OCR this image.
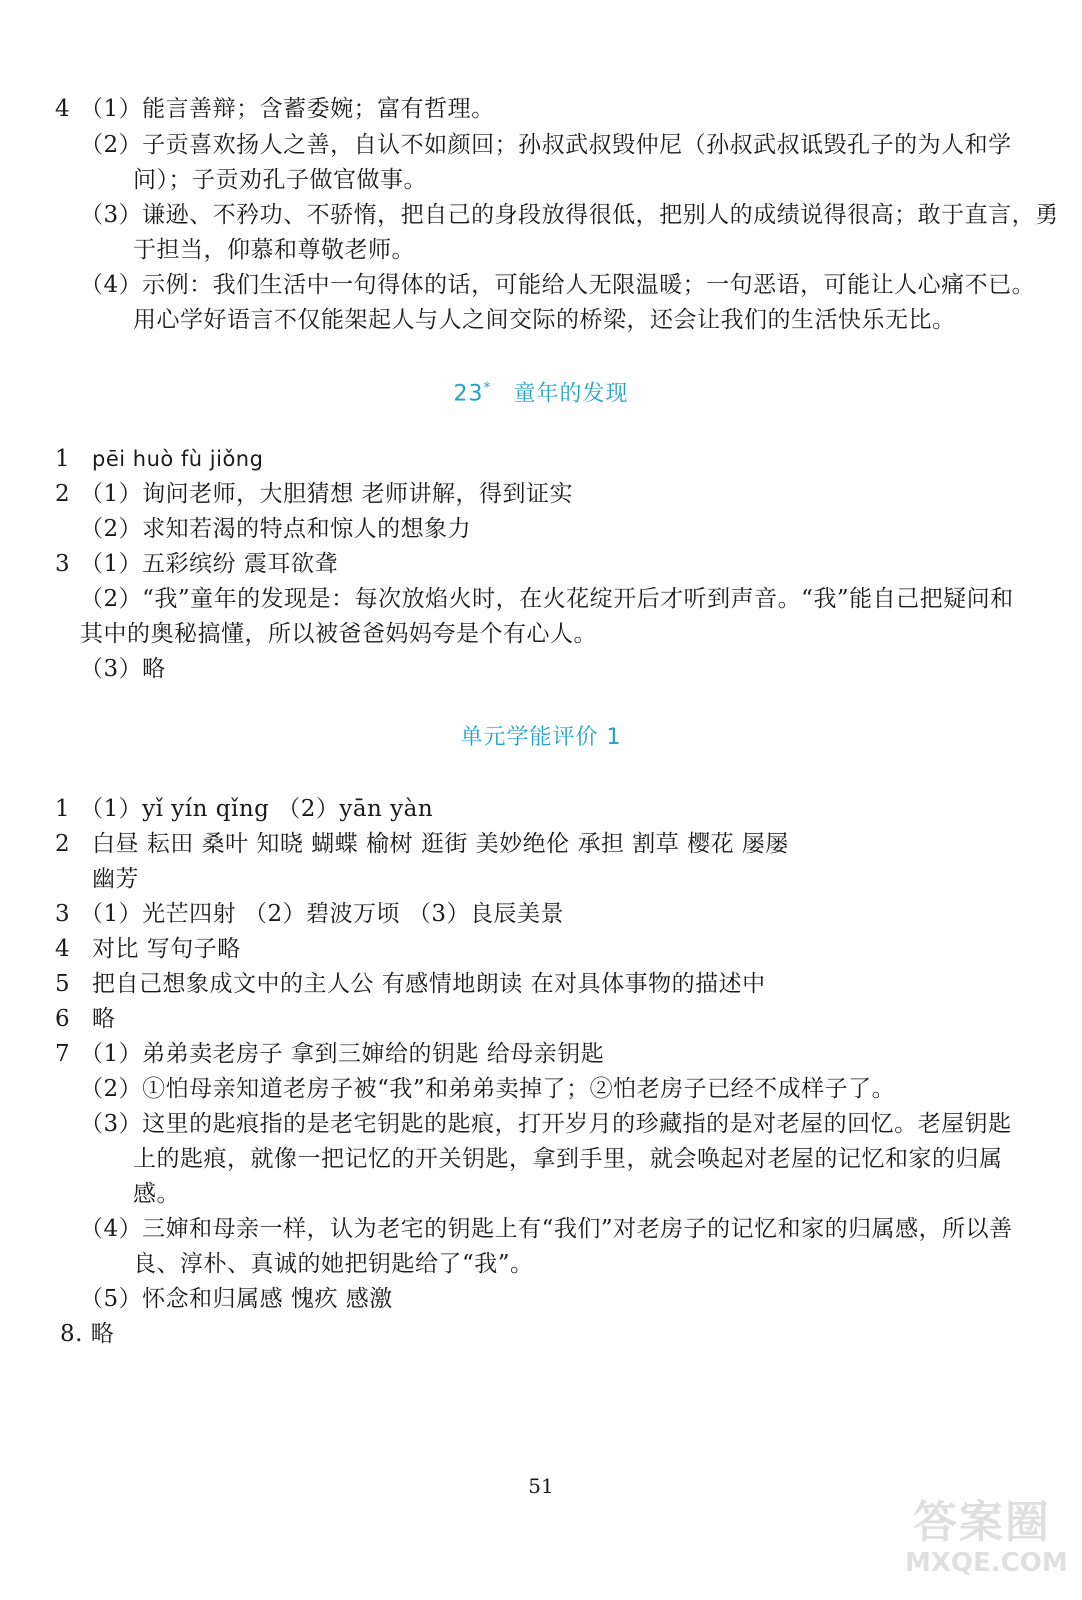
4 （1）能言善辩；含蓄委婉；富有哲理。
（2）子贡喜欢扬人之善，自认不如颜回；孙叔武叔毁仲尼（孙叔武叔诋毁孔子的为人和学
问）；子贡劝孔子做官做事。
（3）谦逊、不矜功、不骄惰，把自己的身段放得很低，把别人的成绩说得很高；敢于直言，勇
于担当，仰慕和尊敬老师。
（4）示例：我们生活中一句得体的话，可能给人无限温暖；一句恶语，可能让人心痛不已。
用心学好语言不仅能架起人与人之间交际的桥梁，还会让我们的生活快乐无比。
23* 童年的发现
1 pēi huò fù jiǒng
2 （1）询问老师，大胆猜想 老师讲解，得到证实
（2）求知若渴的特点和惊人的想象力
3 （1）五彩缤纷 震耳欲聋
（2）“我”童年的发现是：每次放焰火时，在火花绽开后才听到声音。“我”能自己把疑问和
其中的奥秘搞懂，所以被爸爸妈妈夸是个有心人。
（3）略
单元学能评价 1
1 （1）yǐ yín qǐng （2）yān yàn
2 白昼 耘田 桑叶 知晓 蝴蝶 榆树 逛街 美妙绝伦 承担 割草 樱花 屡屡
幽芳
3 （1）光芒四射 （2）碧波万顷 （3）良辰美景
4 对比 写句子略
5 把自己想象成文中的主人公 有感情地朗读 在对具体事物的描述中
6 略
7 （1）弟弟卖老房子 拿到三婶给的钥匙 给母亲钥匙
（2）①怕母亲知道老房子被“我”和弟弟卖掉了；②怕老房子已经不成样子了。
（3）这里的匙痕指的是老宅钥匙的匙痕，打开岁月的珍藏指的是对老屋的回忆。老屋钥匙
上的匙痕，就像一把记忆的开关钥匙，拿到手里，就会唤起对老屋的记忆和家的归属
感。
（4）三婶和母亲一样，认为老宅的钥匙上有“我们”对老房子的记忆和家的归属感，所以善
良、淳朴、真诚的她把钥匙给了“我”。
（5）怀念和归属感 愧疚 感激
8. 略
51
答案圈
MXQE.COM
